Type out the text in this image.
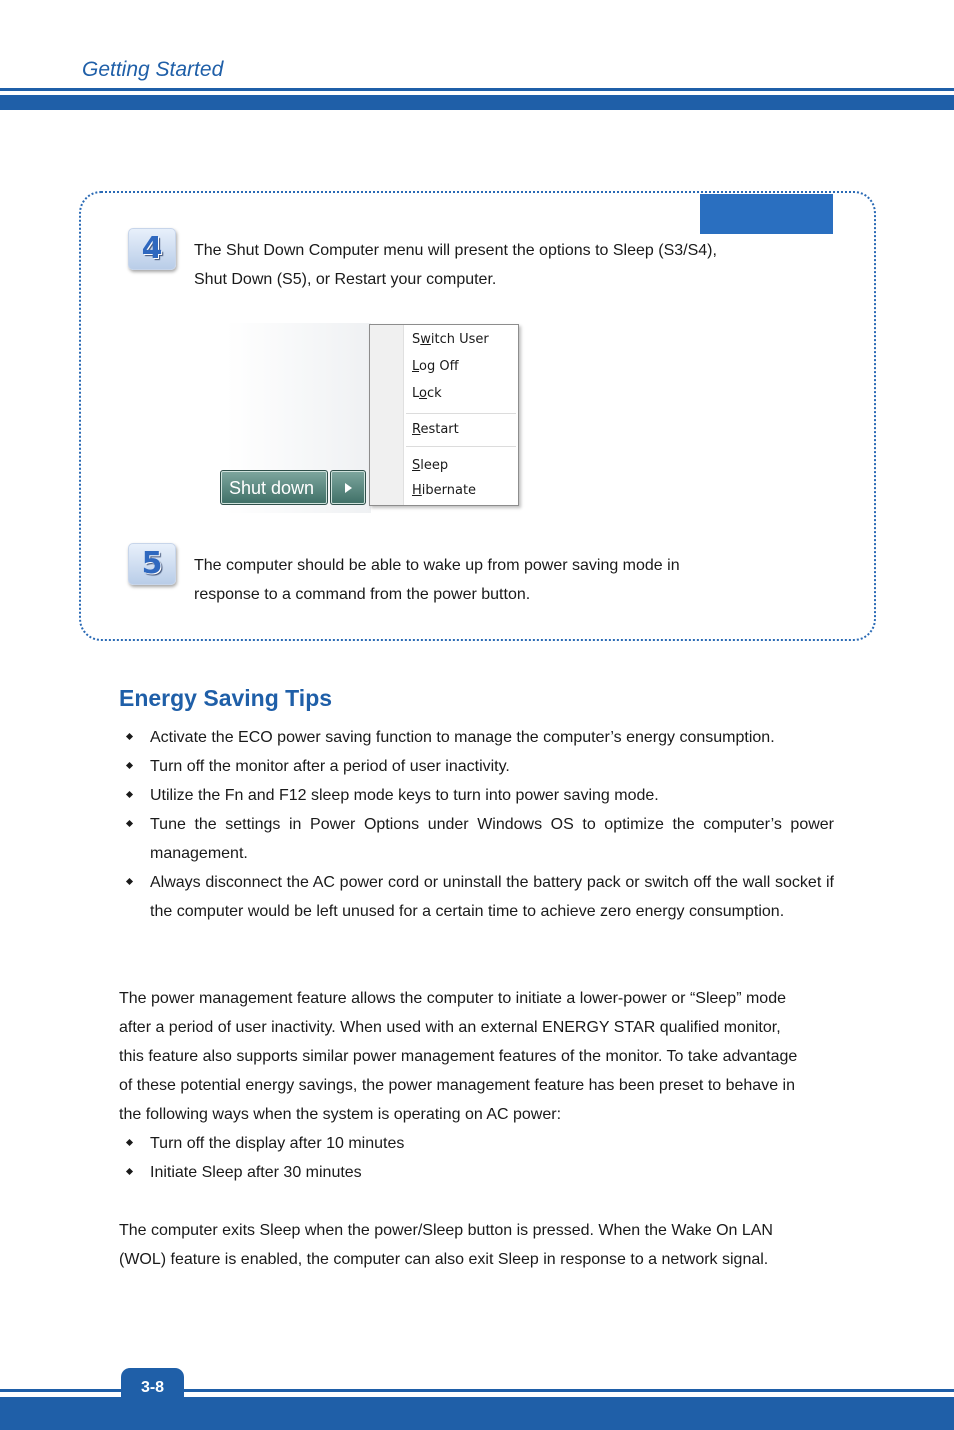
Getting Started
4	The Shut Down Computer menu will present the options to Sleep (S3/S4),
Shut Down (S5), or Restart your computer.
Switch User
Log Off
Lock
Restart
Sleep
Hibernate
Shut down
5	The computer should be able to wake up from power saving mode in
response to a command from the power button.
Energy Saving Tips
Activate the ECO power saving function to manage the computer’s energy consumption.
Turn off the monitor after a period of user inactivity.
Utilize the Fn and F12 sleep mode keys to turn into power saving mode.
Tune the settings in Power Options under Windows OS to optimize the computer’s power management.
Always disconnect the AC power cord or uninstall the battery pack or switch off the wall socket if the computer would be left unused for a certain time to achieve zero energy consumption.
The power management feature allows the computer to initiate a lower-power or “Sleep” mode
after a period of user inactivity. When used with an external ENERGY STAR qualified monitor,
this feature also supports similar power management features of the monitor. To take advantage
of these potential energy savings, the power management feature has been preset to behave in
the following ways when the system is operating on AC power:
Turn off the display after 10 minutes
Initiate Sleep after 30 minutes
The computer exits Sleep when the power/Sleep button is pressed. When the Wake On LAN
(WOL) feature is enabled, the computer can also exit Sleep in response to a network signal.
3-8
